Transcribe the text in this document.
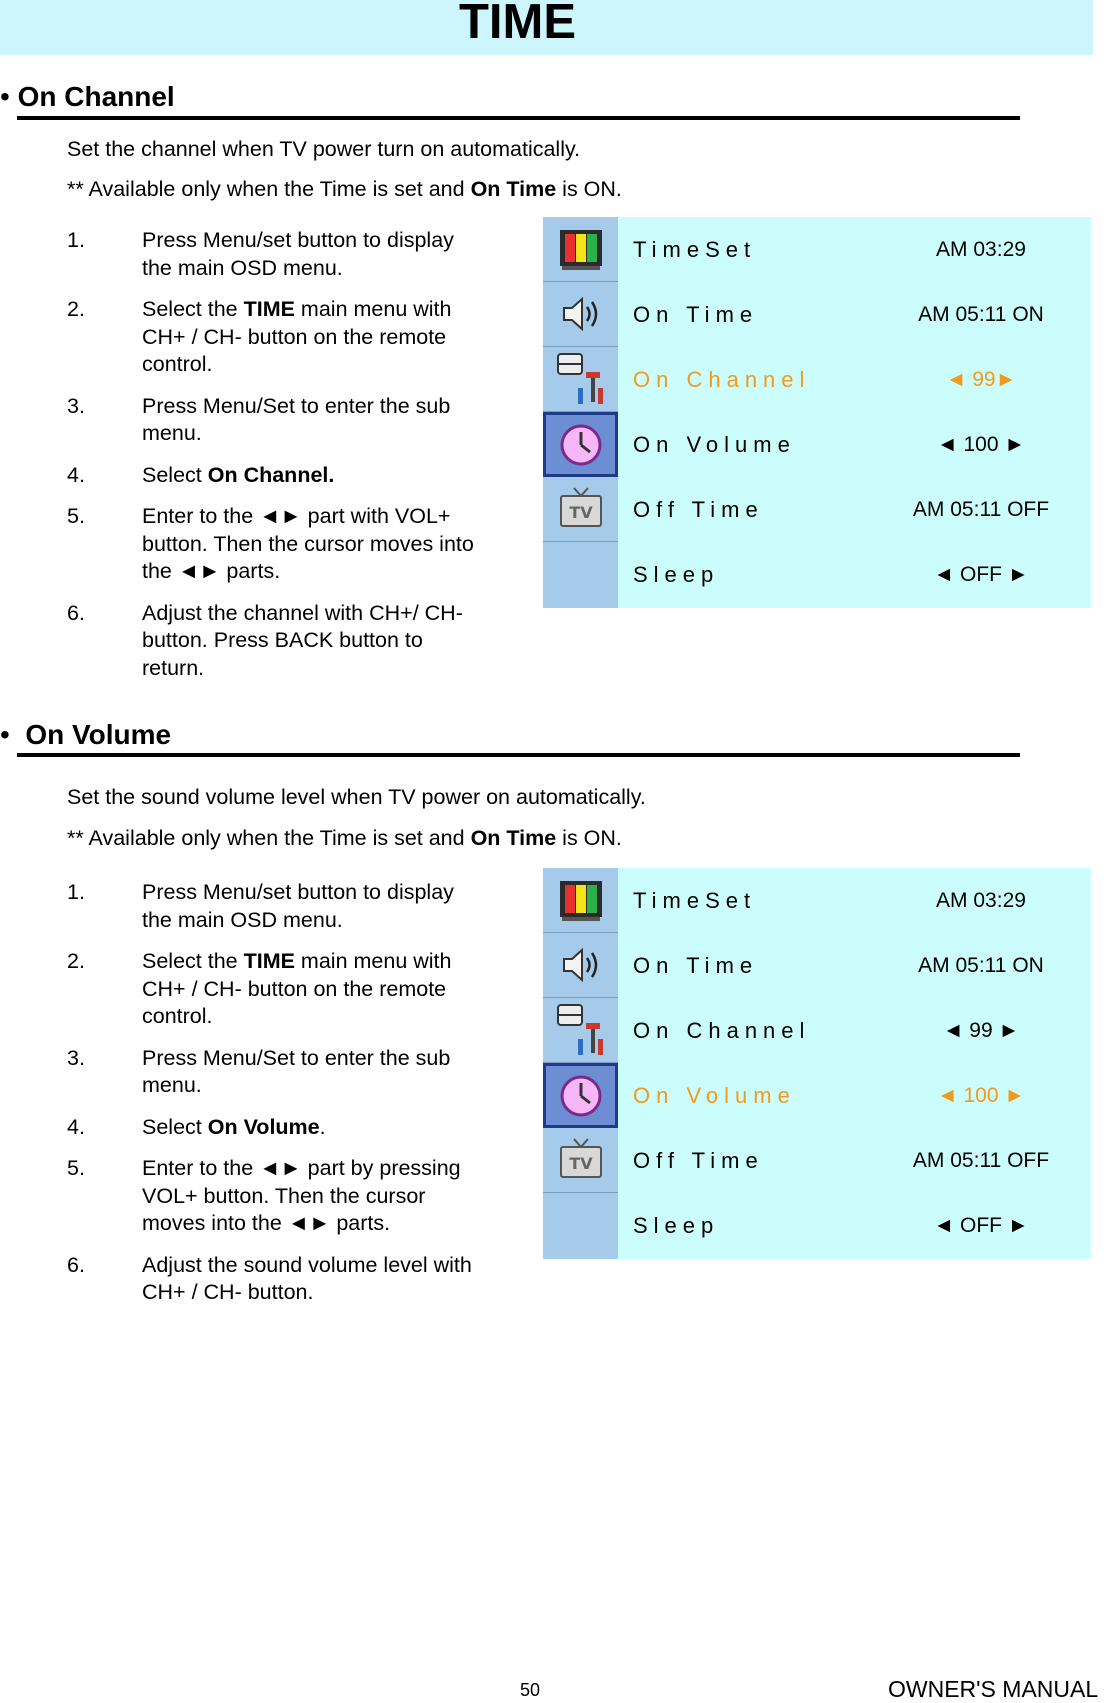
TIME
• On Channel
Set the channel when TV power turn on automatically.
** Available only when the Time is set and On Time is ON.
1.	Press Menu/set button to display the main OSD menu.
2.	Select the TIME main menu with CH+ / CH- button on the remote control.
3.	Press Menu/Set to enter the sub menu.
4.	Select On Channel.
5.	Enter to the ◄► part with VOL+ button. Then the cursor moves into the ◄► parts.
6.	Adjust the channel with CH+/ CH- button. Press BACK button to return.
TV
TimeSet	AM 03:29
On Time	AM 05:11 ON
On Channel	◄ 99►
On Volume	◄ 100 ►
Off Time	AM 05:11 OFF
Sleep	◄ OFF ►
• On Volume
Set the sound volume level when TV power on automatically.
** Available only when the Time is set and On Time is ON.
1.	Press Menu/set button to display the main OSD menu.
2.	Select the TIME main menu with CH+ / CH- button on the remote control.
3.	Press Menu/Set to enter the sub menu.
4.	Select On Volume.
5.	Enter to the ◄► part by pressing VOL+ button. Then the cursor moves into the ◄► parts.
6.	Adjust the sound volume level with CH+ / CH- button.
TV
TimeSet	AM 03:29
On Time	AM 05:11 ON
On Channel	◄ 99 ►
On Volume	◄ 100 ►
Off Time	AM 05:11 OFF
Sleep	◄ OFF ►
50	OWNER'S MANUAL
